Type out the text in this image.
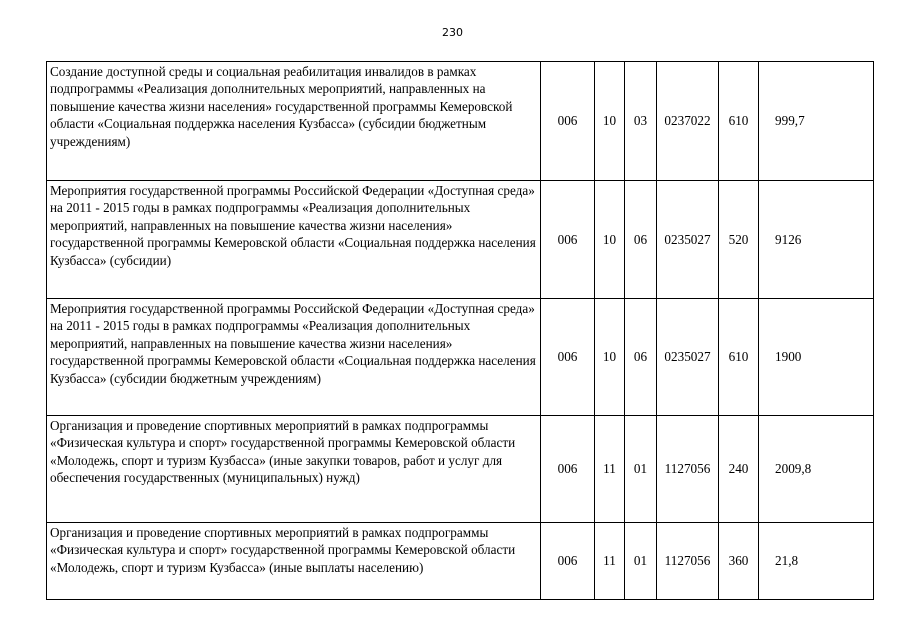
230
Создание доступной среды и социальная реабилитация инвалидов в рамках подпрограммы «Реализация дополнительных мероприятий, направленных на повышение качества жизни населения» государственной программы Кемеровской области «Социальная поддержка населения Кузбасса» (субсидии бюджетным учреждениям)	006	10	03	0237022	610	999,7
Мероприятия государственной программы Российской Федерации «Доступная среда» на 2011 - 2015 годы в рамках подпрограммы «Реализация дополнительных мероприятий, направленных на повышение качества жизни населения» государственной программы Кемеровской области «Социальная поддержка населения Кузбасса» (субсидии)	006	10	06	0235027	520	9126
Мероприятия государственной программы Российской Федерации «Доступная среда» на 2011 - 2015 годы в рамках подпрограммы «Реализация дополнительных мероприятий, направленных на повышение качества жизни населения» государственной программы Кемеровской области «Социальная поддержка населения Кузбасса» (субсидии бюджетным учреждениям)	006	10	06	0235027	610	1900
Организация и проведение спортивных мероприятий в рамках подпрограммы «Физическая культура и спорт» государственной программы Кемеровской области «Молодежь, спорт и туризм Кузбасса» (иные закупки товаров, работ и услуг для обеспечения государственных (муниципальных) нужд)	006	11	01	1127056	240	2009,8
Организация и проведение спортивных мероприятий в рамках подпрограммы «Физическая культура и спорт» государственной программы Кемеровской области «Молодежь, спорт и туризм Кузбасса» (иные выплаты населению)	006	11	01	1127056	360	21,8
